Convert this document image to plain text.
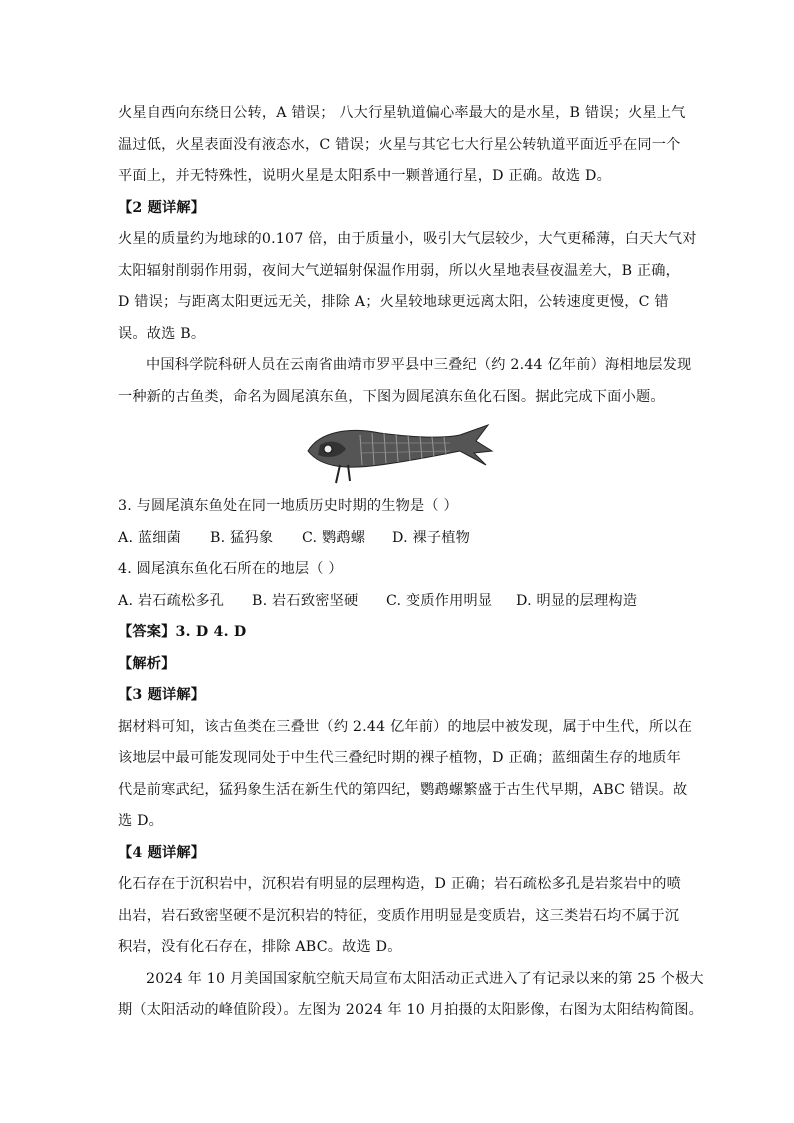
火星自西向东绕日公转，A 错误； 八大行星轨道偏心率最大的是水星，B 错误；火星上气
温过低，火星表面没有液态水，C 错误；火星与其它七大行星公转轨道平面近乎在同一个
平面上，并无特殊性，说明火星是太阳系中一颗普通行星，D 正确。故选 D。
【2 题详解】
火星的质量约为地球的0.107 倍，由于质量小，吸引大气层较少，大气更稀薄，白天大气对
太阳辐射削弱作用弱，夜间大气逆辐射保温作用弱，所以火星地表昼夜温差大，B 正确，
D 错误；与距离太阳更远无关，排除 A；火星较地球更远离太阳，公转速度更慢，C 错
误。故选 B。
中国科学院科研人员在云南省曲靖市罗平县中三叠纪（约 2.44 亿年前）海相地层发现
一种新的古鱼类，命名为圆尾滇东鱼，下图为圆尾滇东鱼化石图。据此完成下面小题。
3. 与圆尾滇东鱼处在同一地质历史时期的生物是（ ）
A. 蓝细菌 B. 猛犸象 C. 鹦鹉螺 D. 裸子植物
4. 圆尾滇东鱼化石所在的地层（ ）
A. 岩石疏松多孔 B. 岩石致密坚硬 C. 变质作用明显 D. 明显的层理构造
【答案】3. D 4. D
【解析】
【3 题详解】
据材料可知，该古鱼类在三叠世（约 2.44 亿年前）的地层中被发现，属于中生代，所以在
该地层中最可能发现同处于中生代三叠纪时期的裸子植物，D 正确；蓝细菌生存的地质年
代是前寒武纪，猛犸象生活在新生代的第四纪，鹦鹉螺繁盛于古生代早期，ABC 错误。故
选 D。
【4 题详解】
化石存在于沉积岩中，沉积岩有明显的层理构造，D 正确；岩石疏松多孔是岩浆岩中的喷
出岩，岩石致密坚硬不是沉积岩的特征，变质作用明显是变质岩，这三类岩石均不属于沉
积岩，没有化石存在，排除 ABC。故选 D。
2024 年 10 月美国国家航空航天局宣布太阳活动正式进入了有记录以来的第 25 个极大
期（太阳活动的峰值阶段）。左图为 2024 年 10 月拍摄的太阳影像，右图为太阳结构简图。
